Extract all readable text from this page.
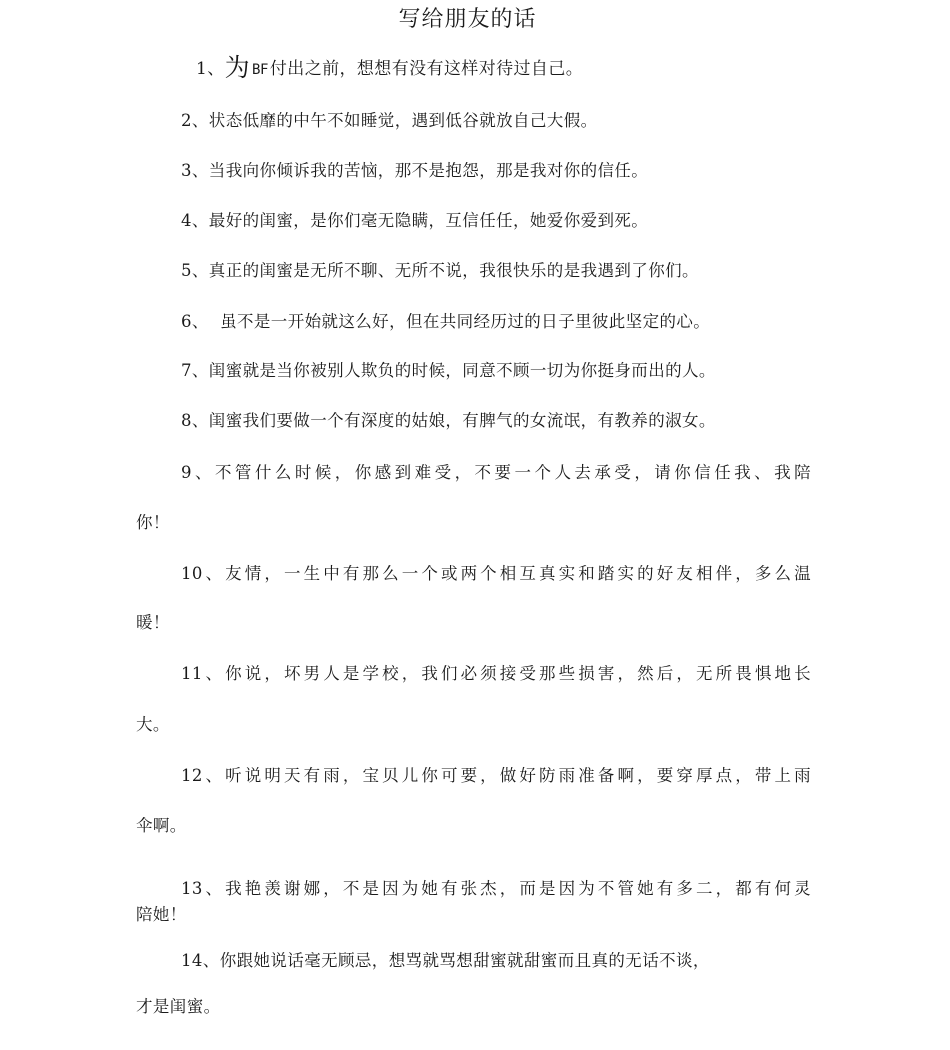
写给朋友的话
1、为 BF 付出之前，想想有没有这样对待过自己。
2、状态低靡的中午不如睡觉，遇到低谷就放自己大假。
3、当我向你倾诉我的苦恼，那不是抱怨，那是我对你的信任。
4、最好的闺蜜，是你们毫无隐瞒，互信任任，她爱你爱到死。
5、真正的闺蜜是无所不聊、无所不说，我很快乐的是我遇到了你们。
6、  虽不是一开始就这么好，但在共同经历过的日子里彼此坚定的心。
7、闺蜜就是当你被别人欺负的时候，同意不顾一切为你挺身而出的人。
8、闺蜜我们要做一个有深度的姑娘，有脾气的女流氓，有教养的淑女。
9、不管什么时候，你感到难受，不要一个人去承受，请你信任我、我陪
你！
10、友情，一生中有那么一个或两个相互真实和踏实的好友相伴，多么温
暖！
11、你说，坏男人是学校，我们必须接受那些损害，然后，无所畏惧地长
大。
12、听说明天有雨，宝贝儿你可要，做好防雨准备啊，要穿厚点，带上雨
伞啊。
13、我艳羡谢娜，不是因为她有张杰，而是因为不管她有多二，都有何灵
陪她！
14、你跟她说话毫无顾忌，想骂就骂想甜蜜就甜蜜而且真的无话不谈，
才是闺蜜。
